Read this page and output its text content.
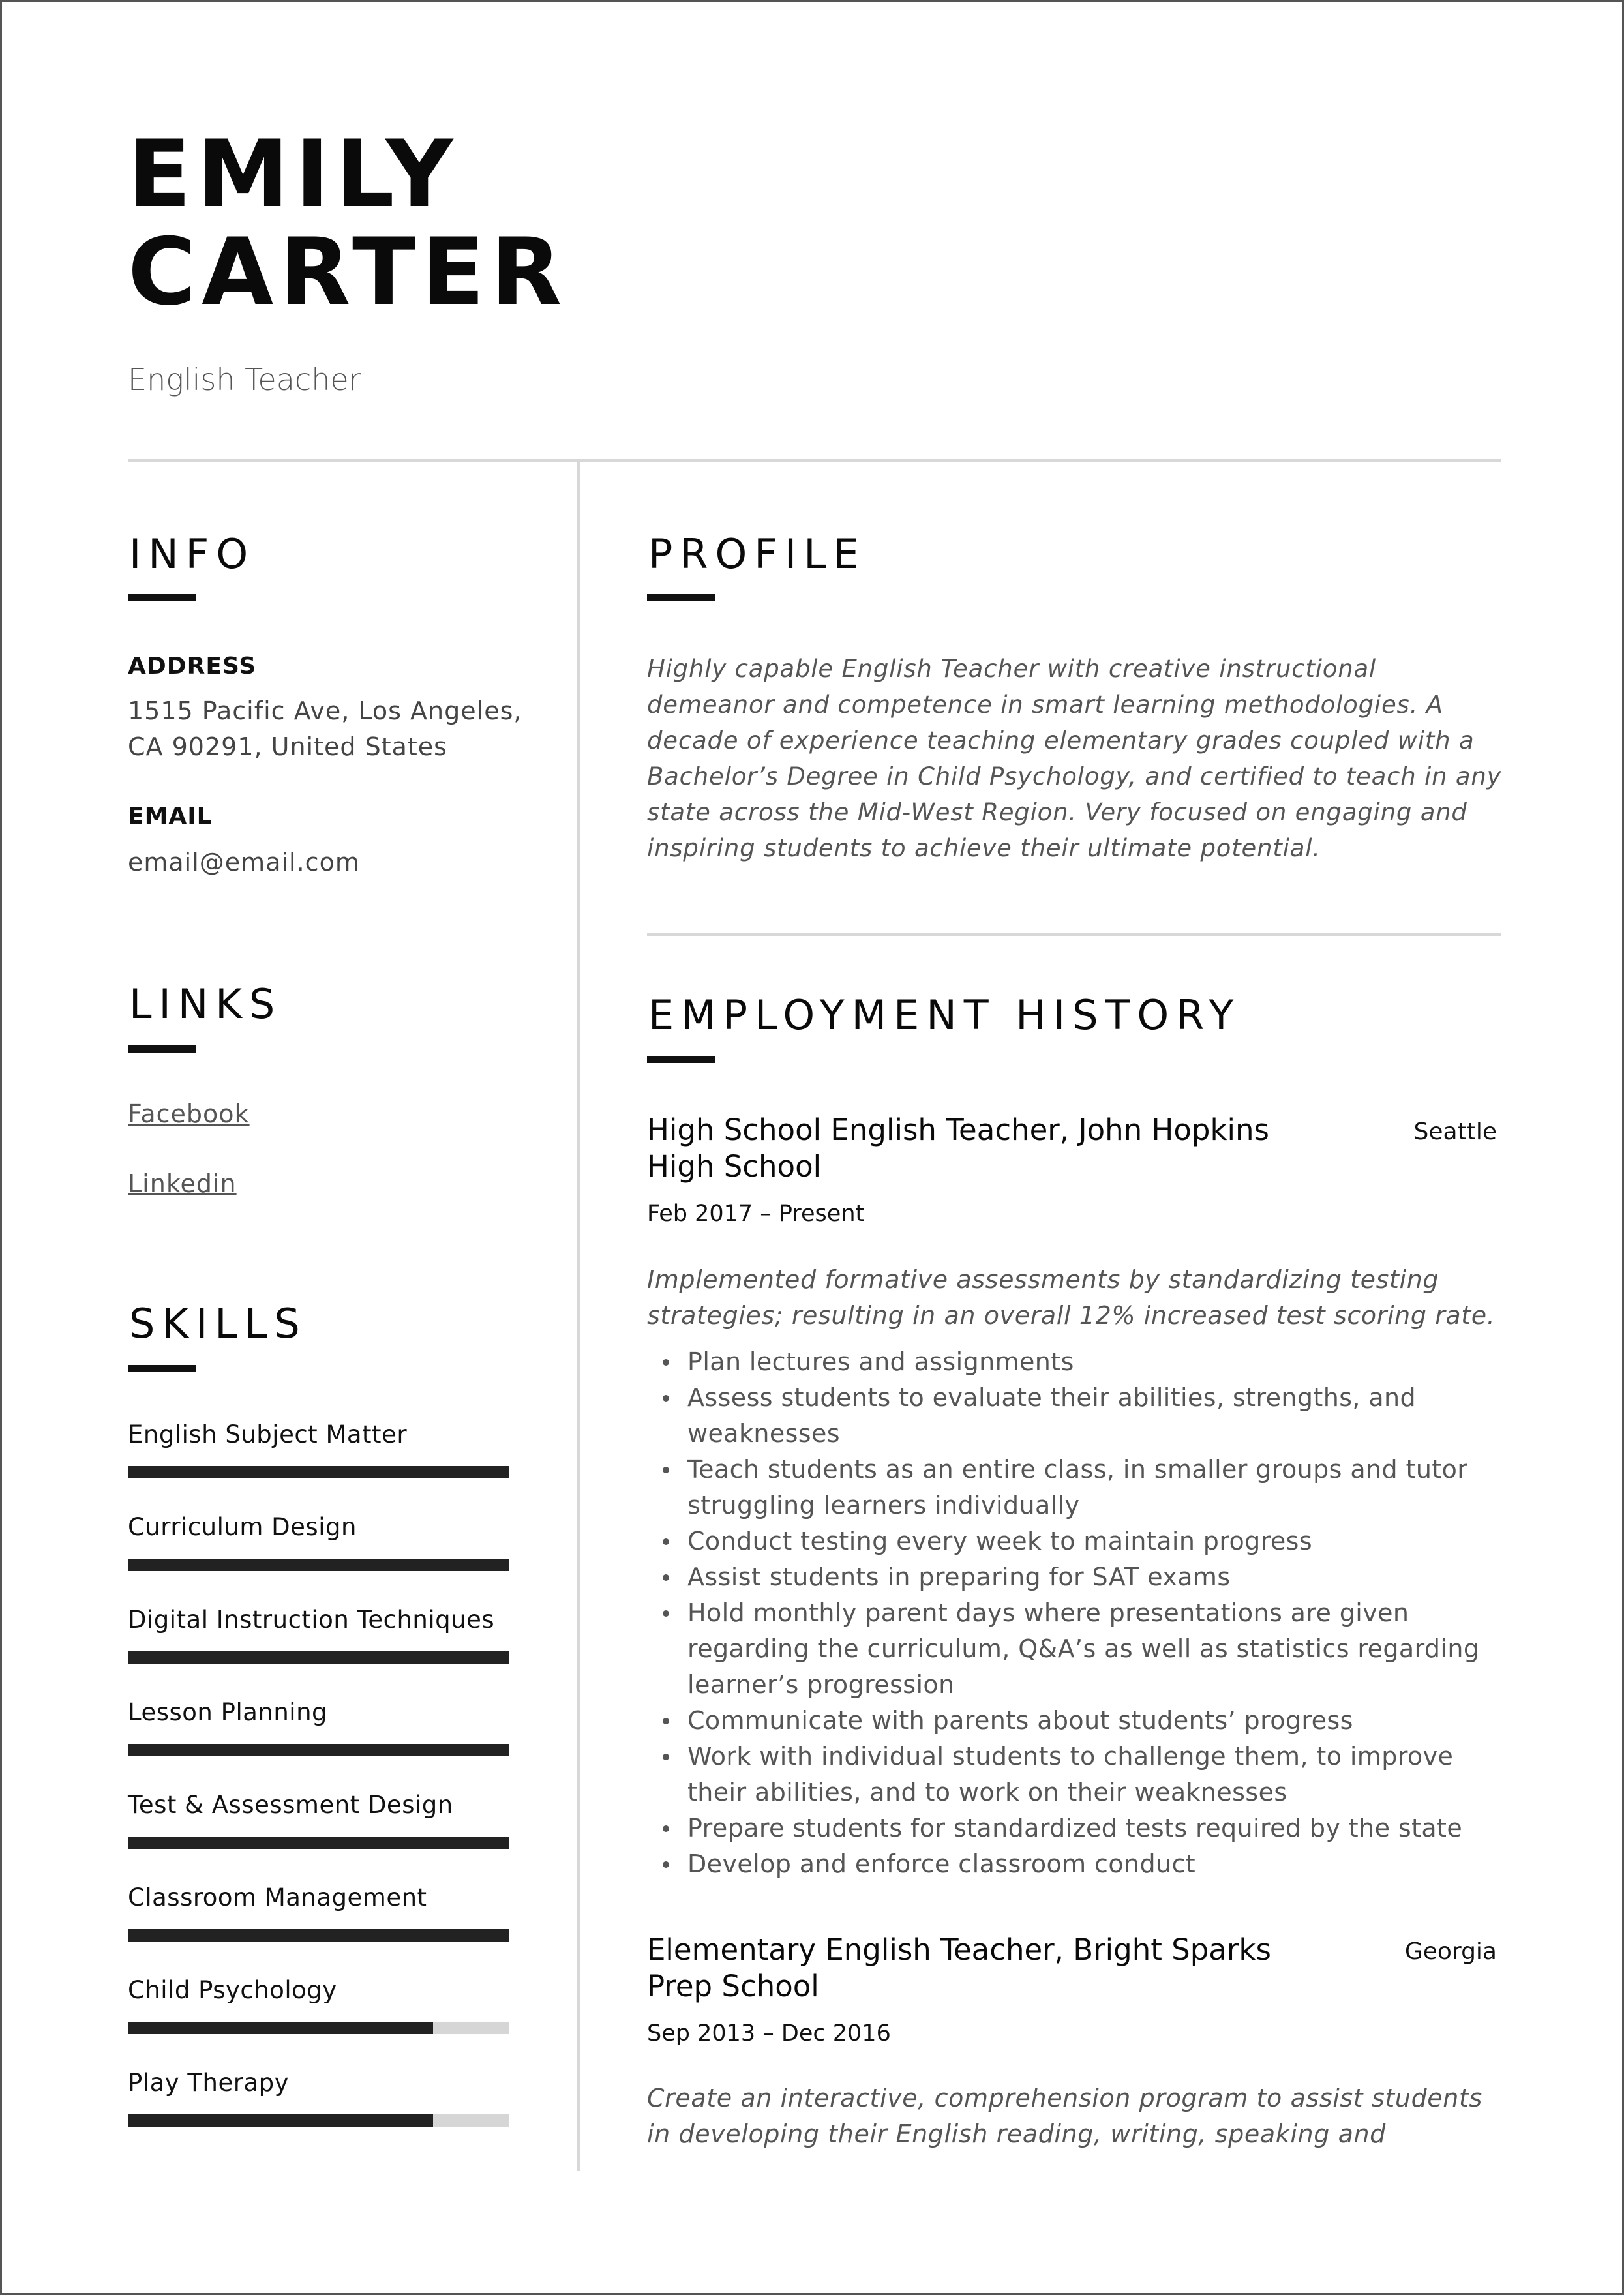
EMILY
CARTER
English Teacher
INFO
ADDRESS
1515 Pacific Ave, Los Angeles,
CA 90291, United States
EMAIL
email@email.com
LINKS
Facebook
Linkedin
SKILLS
English Subject Matter
Curriculum Design
Digital Instruction Techniques
Lesson Planning
Test & Assessment Design
Classroom Management
Child Psychology
Play Therapy
PROFILE
Highly capable English Teacher with creative instructional demeanor and competence in smart learning methodologies. A decade of experience teaching elementary grades coupled with a Bachelor’s Degree in Child Psychology, and certified to teach in any state across the Mid-West Region. Very focused on engaging and inspiring students to achieve their ultimate potential.
EMPLOYMENT HISTORY
High School English Teacher, John Hopkins
High School
Seattle
Feb 2017 – Present
Implemented formative assessments by standardizing testing strategies; resulting in an overall 12% increased test scoring rate.
Plan lectures and assignments
Assess students to evaluate their abilities, strengths, and weaknesses
Teach students as an entire class, in smaller groups and tutor struggling learners individually
Conduct testing every week to maintain progress
Assist students in preparing for SAT exams
Hold monthly parent days where presentations are given regarding the curriculum, Q&A’s as well as statistics regarding learner’s progression
Communicate with parents about students’ progress
Work with individual students to challenge them, to improve their abilities, and to work on their weaknesses
Prepare students for standardized tests required by the state
Develop and enforce classroom conduct
Elementary English Teacher, Bright Sparks
Prep School
Georgia
Sep 2013 – Dec 2016
Create an interactive, comprehension program to assist students in developing their English reading, writing, speaking and
